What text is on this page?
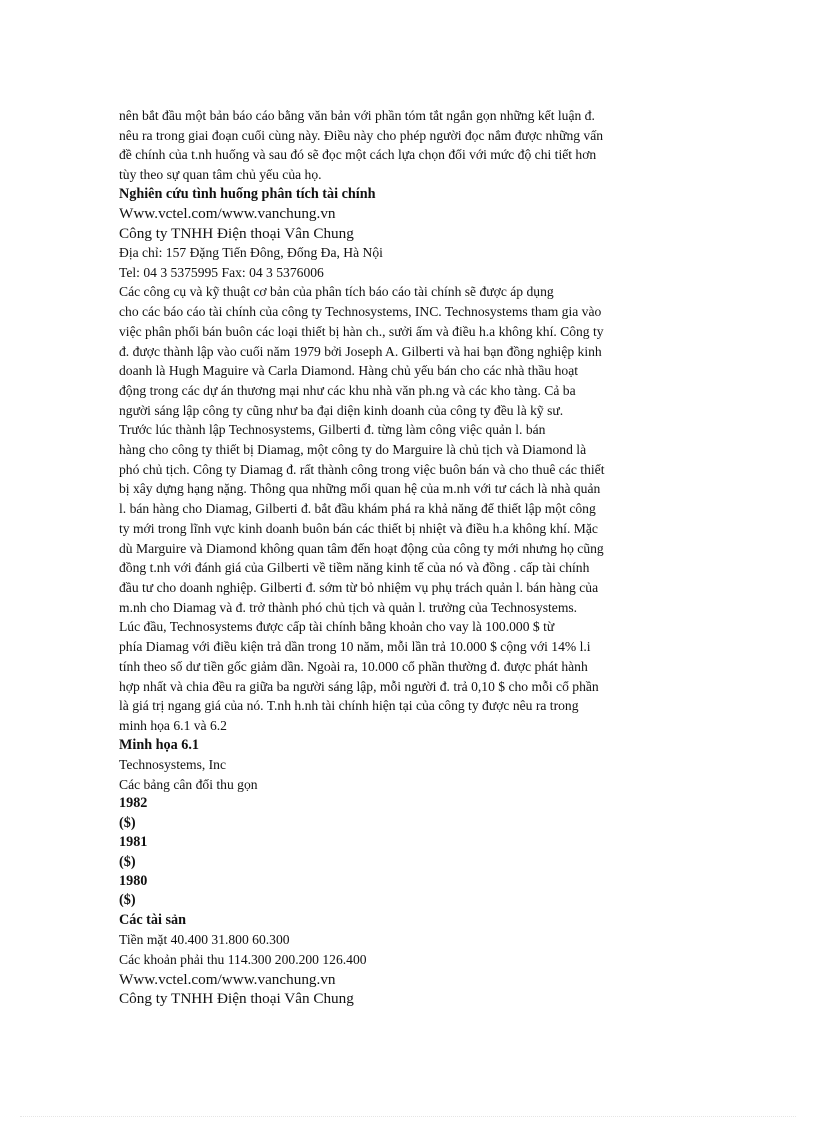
nên bắt đầu một bản báo cáo bằng văn bản với phần tóm tắt ngắn gọn những kết luận đ.

nêu ra trong giai đoạn cuối cùng này. Điều này cho phép người đọc nắm được những vấn

đề chính của t.nh huống và sau đó sẽ đọc một cách lựa chọn đối với mức độ chi tiết hơn

tùy theo sự quan tâm chủ yếu của họ.

Nghiên cứu tình huống phân tích tài chính

Www.vctel.com/www.vanchung.vn

Công ty TNHH Điện thoại Vân Chung

Địa chỉ: 157 Đặng Tiến Đông, Đống Đa, Hà Nội

Tel: 04 3 5375995 Fax: 04 3 5376006

Các công cụ và kỹ thuật cơ bản của phân tích báo cáo tài chính sẽ được áp dụng

cho các báo cáo tài chính của công ty Technosystems, INC. Technosystems tham gia vào

việc phân phối bán buôn các loại thiết bị hàn ch., sưởi ấm và điều h.a không khí. Công ty

đ. được thành lập vào cuối năm 1979 bởi Joseph A. Gilberti và hai bạn đồng nghiệp kinh

doanh là Hugh Maguire và Carla Diamond. Hàng chủ yếu bán cho các nhà thầu hoạt

động trong các dự án thương mại như các khu nhà văn ph.ng và các kho tàng. Cả ba

người sáng lập công ty cũng như ba đại diện kinh doanh của công ty đều là kỹ sư.

Trước lúc thành lập Technosystems, Gilberti đ. từng làm công việc quản l. bán

hàng cho công ty thiết bị Diamag, một công ty do Marguire là chủ tịch và Diamond là

phó chủ tịch. Công ty Diamag đ. rất thành công trong việc buôn bán và cho thuê các thiết

bị xây dựng hạng nặng. Thông qua những mối quan hệ của m.nh với tư cách là nhà quản

l. bán hàng cho Diamag, Gilberti đ. bắt đầu khám phá ra khả năng để thiết lập một công

ty mới trong lĩnh vực kinh doanh buôn bán các thiết bị nhiệt và điều h.a không khí. Mặc

dù Marguire và Diamond không quan tâm đến hoạt động của công ty mới nhưng họ cũng

đồng t.nh với đánh giá của Gilberti về tiềm năng kinh tế của nó và đồng . cấp tài chính

đầu tư cho doanh nghiệp. Gilberti đ. sớm từ bỏ nhiệm vụ phụ trách quản l. bán hàng của

m.nh cho Diamag và đ. trở thành phó chủ tịch và quản l. trưởng của Technosystems.

Lúc đầu, Technosystems được cấp tài chính bằng khoản cho vay là 100.000 $ từ

phía Diamag với điều kiện trả dần trong 10 năm, mỗi lần trả 10.000 $ cộng với 14% l.i

tính theo số dư tiền gốc giảm dần. Ngoài ra, 10.000 cổ phần thường đ. được phát hành

hợp nhất và chia đều ra giữa ba người sáng lập, mỗi người đ. trả 0,10 $ cho mỗi cổ phần

là giá trị ngang giá của nó. T.nh h.nh tài chính hiện tại của công ty được nêu ra trong

minh họa 6.1 và 6.2

Minh họa 6.1

Technosystems, Inc

Các bảng cân đối thu gọn

1982

($)

1981

($)

1980

($)

Các tài sản

Tiền mặt 40.400 31.800 60.300

Các khoản phải thu 114.300 200.200 126.400

Www.vctel.com/www.vanchung.vn

Công ty TNHH Điện thoại Vân Chung
